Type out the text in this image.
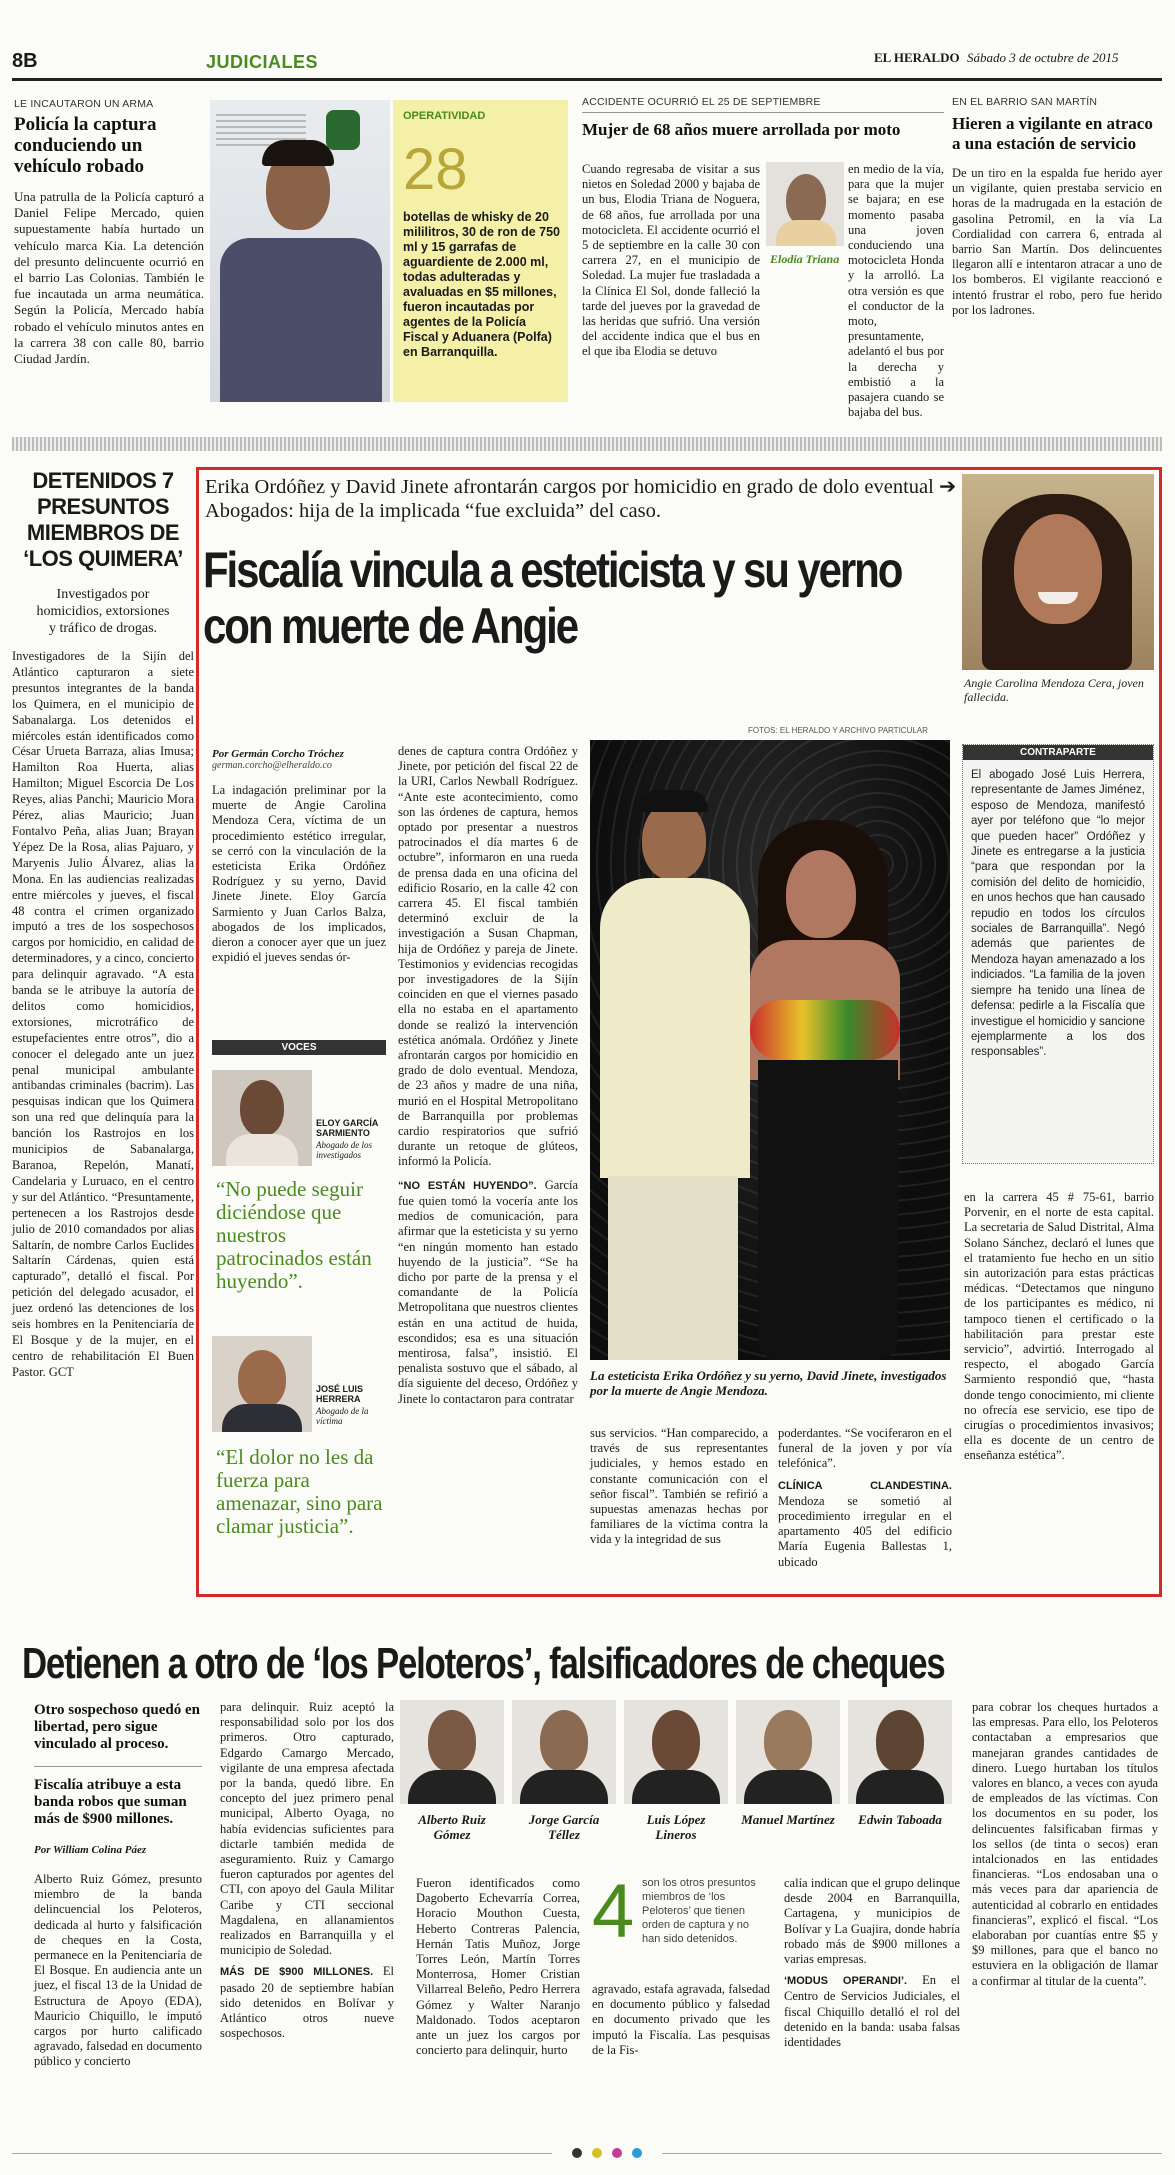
8B	JUDICIALES	EL HERALDO Sábado 3 de octubre de 2015
LE INCAUTARON UN ARMA
Policía la captura conduciendo un vehículo robado
Una patrulla de la Policía capturó a Daniel Felipe Mercado, quien supuestamente había hurtado un vehículo marca Kia. La detención del presunto delincuente ocurrió en el barrio Las Colonias. También le fue incautada un arma neumática. Según la Policía, Mercado había robado el vehículo minutos antes en la carrera 38 con calle 80, barrio Ciudad Jardín.
OPERATIVIDAD
28
botellas de whisky de 20 mililitros, 30 de ron de 750 ml y 15 garrafas de aguardiente de 2.000 ml, todas adulteradas y avaluadas en $5 millones, fueron incautadas por agentes de la Policía Fiscal y Aduanera (Polfa) en Barranquilla.
ACCIDENTE OCURRIÓ EL 25 DE SEPTIEMBRE
Mujer de 68 años muere arrollada por moto
Cuando regresaba de visitar a sus nietos en Soledad 2000 y bajaba de un bus, Elodia Triana de Noguera, de 68 años, fue arrollada por una motocicleta. El accidente ocurrió el 5 de septiembre en la calle 30 con carrera 27, en el municipio de Soledad. La mujer fue trasladada a la Clínica El Sol, donde falleció la tarde del jueves por la gravedad de las heridas que sufrió. Una versión del accidente indica que el bus en el que iba Elodia se detuvo
Elodia Triana
en medio de la vía, para que la mujer se bajara; en ese momento pasaba una joven conduciendo una motocicleta Honda y la arrolló. La otra versión es que el conductor de la moto, presuntamente, adelantó el bus por la derecha y embistió a la pasajera cuando se bajaba del bus.
EN EL BARRIO SAN MARTÍN
Hieren a vigilante en atraco a una estación de servicio
De un tiro en la espalda fue herido ayer un vigilante, quien prestaba servicio en horas de la madrugada en la estación de gasolina Petromil, en la vía La Cordialidad con carrera 6, entrada al barrio San Martín. Dos delincuentes llegaron allí e intentaron atracar a uno de los bomberos. El vigilante reaccionó e intentó frustrar el robo, pero fue herido por los ladrones.
DETENIDOS 7 PRESUNTOS MIEMBROS DE ‘LOS QUIMERA’
Investigados por homicidios, extorsiones y tráfico de drogas.
Investigadores de la Sijín del Atlántico capturaron a siete presuntos integrantes de la banda los Quimera, en el municipio de Sabanalarga. Los detenidos el miércoles están identificados como César Urueta Barraza, alias Imusa; Hamilton Roa Huerta, alias Hamilton; Miguel Escorcia De Los Reyes, alias Panchi; Mauricio Mora Pérez, alias Mauricio; Juan Fontalvo Peña, alias Juan; Brayan Yépez De la Rosa, alias Pajuaro, y Maryenis Julio Álvarez, alias la Mona. En las audiencias realizadas entre miércoles y jueves, el fiscal 48 contra el crimen organizado imputó a tres de los sospechosos cargos por homicidio, en calidad de determinadores, y a cinco, concierto para delinquir agravado. “A esta banda se le atribuye la autoría de delitos como homicidios, extorsiones, microtráfico de estupefacientes entre otros”, dio a conocer el delegado ante un juez penal municipal ambulante antibandas criminales (bacrim). Las pesquisas indican que los Quimera son una red que delinquía para la banción los Rastrojos en los municipios de Sabanalarga, Baranoa, Repelón, Manatí, Candelaria y Luruaco, en el centro y sur del Atlántico. “Presuntamente, pertenecen a los Rastrojos desde julio de 2010 comandados por alias Saltarín, de nombre Carlos Euclides Saltarín Cárdenas, quien está capturado”, detalló el fiscal. Por petición del delegado acusador, el juez ordenó las detenciones de los seis hombres en la Penitenciaría de El Bosque y de la mujer, en el centro de rehabilitación El Buen Pastor. GCT
Erika Ordóñez y David Jinete afrontarán cargos por homicidio en grado de dolo eventual ➔ Abogados: hija de la implicada “fue excluida” del caso.
Fiscalía vincula a esteticista y su yerno con muerte de Angie
Angie Carolina Mendoza Cera, joven fallecida.
FOTOS: EL HERALDO Y ARCHIVO PARTICULAR
Por Germán Corcho Tróchez
german.corcho@elheraldo.co
La indagación preliminar por la muerte de Angie Carolina Mendoza Cera, víctima de un procedimiento estético irregular, se cerró con la vinculación de la esteticista Erika Ordóñez Rodríguez y su yerno, David Jinete Jinete. Eloy García Sarmiento y Juan Carlos Balza, abogados de los implicados, dieron a conocer ayer que un juez expidió el jueves sendas ór-
VOCES
ELOY GARCÍA SARMIENTO
Abogado de los investigados
“No puede seguir diciéndose que nuestros patrocinados están huyendo”.
JOSÉ LUIS HERRERA
Abogado de la víctima
“El dolor no les da fuerza para amenazar, sino para clamar justicia”.
denes de captura contra Ordóñez y Jinete, por petición del fiscal 22 de la URI, Carlos Newball Rodríguez. “Ante este acontecimiento, como son las órdenes de captura, hemos optado por presentar a nuestros patrocinados el día martes 6 de octubre”, informaron en una rueda de prensa dada en una oficina del edificio Rosario, en la calle 42 con carrera 45. El fiscal también determinó excluir de la investigación a Susan Chapman, hija de Ordóñez y pareja de Jinete. Testimonios y evidencias recogidas por investigadores de la Sijín coinciden en que el viernes pasado ella no estaba en el apartamento donde se realizó la intervención estética anómala. Ordóñez y Jinete afrontarán cargos por homicidio en grado de dolo eventual. Mendoza, de 23 años y madre de una niña, murió en el Hospital Metropolitano de Barranquilla por problemas cardio respiratorios que sufrió durante un retoque de glúteos, informó la Policía.
“NO ESTÁN HUYENDO”. García fue quien tomó la vocería ante los medios de comunicación, para afirmar que la esteticista y su yerno “en ningún momento han estado huyendo de la justicia”. “Se ha dicho por parte de la prensa y el comandante de la Policía Metropolitana que nuestros clientes están en una actitud de huida, escondidos; esa es una situación mentirosa, falsa”, insistió. El penalista sostuvo que el sábado, al día siguiente del deceso, Ordóñez y Jinete lo contactaron para contratar
La esteticista Erika Ordóñez y su yerno, David Jinete, investigados por la muerte de Angie Mendoza.
CONTRAPARTE
El abogado José Luis Herrera, representante de James Jiménez, esposo de Mendoza, manifestó ayer por teléfono que “lo mejor que pueden hacer” Ordóñez y Jinete es entregarse a la justicia “para que respondan por la comisión del delito de homicidio, en unos hechos que han causado repudio en todos los círculos sociales de Barranquilla”. Negó además que parientes de Mendoza hayan amenazado a los indiciados. “La familia de la joven siempre ha tenido una línea de defensa: pedirle a la Fiscalía que investigue el homicidio y sancione ejemplarmente a los dos responsables”.
en la carrera 45 # 75-61, barrio Porvenir, en el norte de esta capital. La secretaria de Salud Distrital, Alma Solano Sánchez, declaró el lunes que el tratamiento fue hecho en un sitio sin autorización para estas prácticas médicas. “Detectamos que ninguno de los participantes es médico, ni tampoco tienen el certificado o la habilitación para prestar este servicio”, advirtió. Interrogado al respecto, el abogado García Sarmiento respondió que, “hasta donde tengo conocimiento, mi cliente no ofrecía ese servicio, ese tipo de cirugías o procedimientos invasivos; ella es docente de un centro de enseñanza estética”.
sus servicios. “Han comparecido, a través de sus representantes judiciales, y hemos estado en constante comunicación con el señor fiscal”. También se refirió a supuestas amenazas hechas por familiares de la víctima contra la vida y la integridad de sus
poderdantes. “Se vociferaron en el funeral de la joven y por vía telefónica”.
CLÍNICA CLANDESTINA. Mendoza se sometió al procedimiento irregular en el apartamento 405 del edificio María Eugenia Ballestas 1, ubicado
Detienen a otro de ‘los Peloteros’, falsificadores de cheques
Otro sospechoso quedó en libertad, pero sigue vinculado al proceso.
Fiscalía atribuye a esta banda robos que suman más de $900 millones.
Por William Colina Páez
Alberto Ruiz Gómez, presunto miembro de la banda delincuencial los Peloteros, dedicada al hurto y falsificación de cheques en la Costa, permanece en la Penitenciaría de El Bosque. En audiencia ante un juez, el fiscal 13 de la Unidad de Estructura de Apoyo (EDA), Mauricio Chiquillo, le imputó cargos por hurto calificado agravado, falsedad en documento público y concierto
para delinquir. Ruiz aceptó la responsabilidad solo por los dos primeros. Otro capturado, Edgardo Camargo Mercado, vigilante de una empresa afectada por la banda, quedó libre. En concepto del juez primero penal municipal, Alberto Oyaga, no había evidencias suficientes para dictarle también medida de aseguramiento. Ruiz y Camargo fueron capturados por agentes del CTI, con apoyo del Gaula Militar Caribe y CTI seccional Magdalena, en allanamientos realizados en Barranquilla y el municipio de Soledad.
MÁS DE $900 MILLONES. El pasado 20 de septiembre habían sido detenidos en Bolívar y Atlántico otros nueve sospechosos.
Alberto Ruiz Gómez
Jorge García Téllez
Luis López Lineros
Manuel Martínez	Edwin Taboada
Fueron identificados como Dagoberto Echevarría Correa, Horacio Mouthon Cuesta, Heberto Contreras Palencia, Hernán Tatis Muñoz, Jorge Torres León, Martín Torres Monterrosa, Homer Cristian Villarreal Beleño, Pedro Herrera Gómez y Walter Naranjo Maldonado. Todos aceptaron ante un juez los cargos por concierto para delinquir, hurto
4 son los otros presuntos miembros de ‘los Peloteros’ que tienen orden de captura y no han sido detenidos.
agravado, estafa agravada, falsedad en documento público y falsedad en documento privado que les imputó la Fiscalía. Las pesquisas de la Fis-
calía indican que el grupo delinque desde 2004 en Barranquilla, Cartagena, y municipios de Bolívar y La Guajira, donde habría robado más de $900 millones a varias empresas.
‘MODUS OPERANDI’. En el Centro de Servicios Judiciales, el fiscal Chiquillo detalló el rol del detenido en la banda: usaba falsas identidades
para cobrar los cheques hurtados a las empresas. Para ello, los Peloteros contactaban a empresarios que manejaran grandes cantidades de dinero. Luego hurtaban los títulos valores en blanco, a veces con ayuda de empleados de las víctimas. Con los documentos en su poder, los delincuentes falsificaban firmas y los sellos (de tinta o secos) eran intalcionados en las entidades financieras. “Los endosaban una o más veces para dar apariencia de autenticidad al cobrarlo en entidades financieras”, explicó el fiscal. “Los elaboraban por cuantías entre $5 y $9 millones, para que el banco no estuviera en la obligación de llamar a confirmar al titular de la cuenta”.
